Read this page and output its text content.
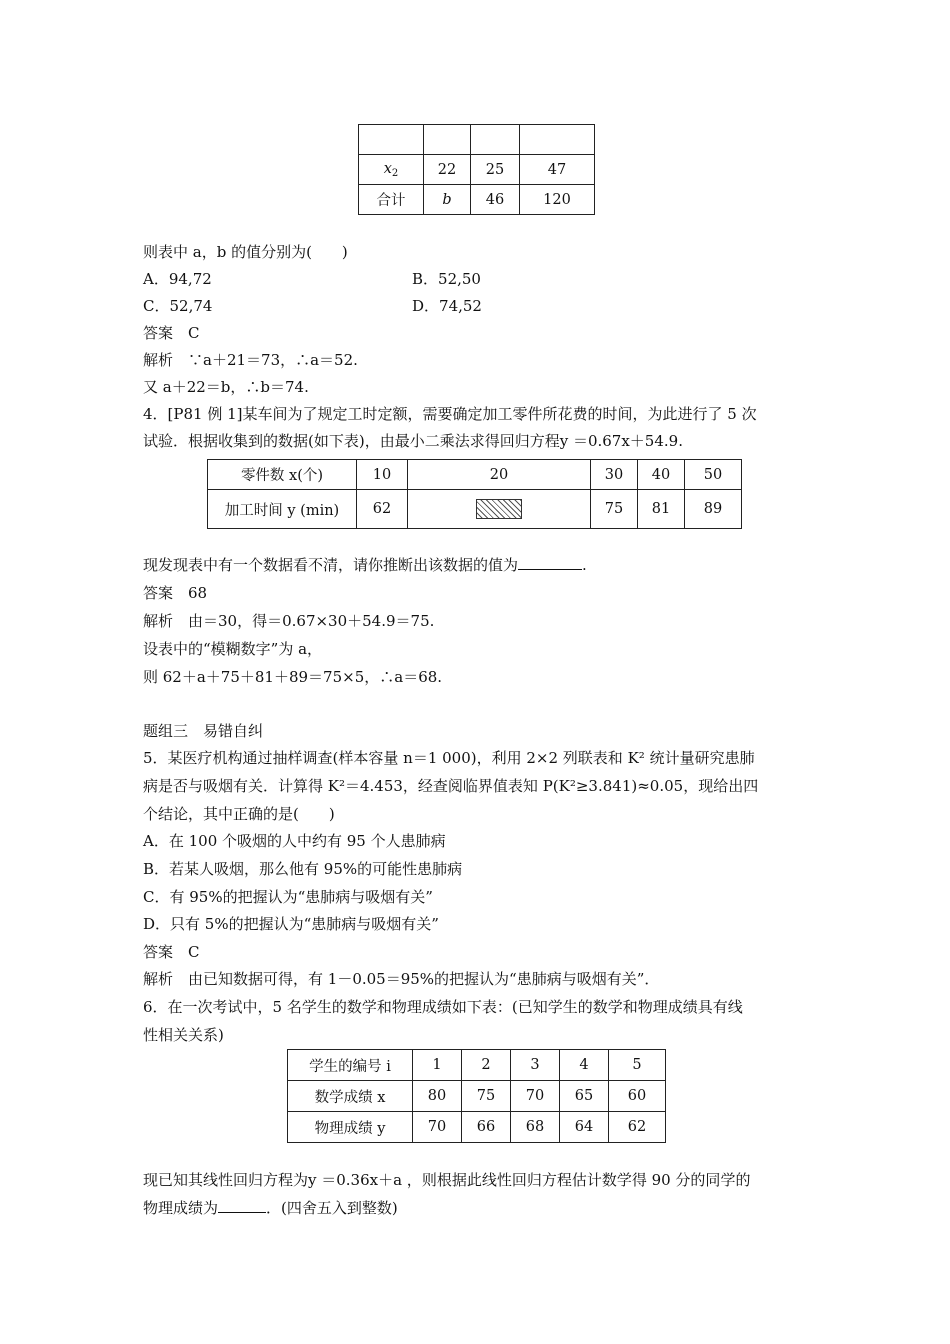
$x_2$	22	25	47
合计	b	46	120
则表中 a，b 的值分别为(　　)
A．94,72	B．52,50
C．52,74	D．74,52
答案　C
解析　∵a＋21＝73，∴a＝52.
又 a＋22＝b，∴b＝74.
4．[P81 例 1]某车间为了规定工时定额，需要确定加工零件所花费的时间，为此进行了 5 次
试验．根据收集到的数据(如下表)，由最小二乘法求得回归方程y ＝0.67x＋54.9.
零件数 x(个)	10	20	30	40	50
加工时间 y (min)	62		75	81	89
现发现表中有一个数据看不清，请你推断出该数据的值为	.
答案　68
解析　由＝30，得＝0.67×30＋54.9＝75.
设表中的“模糊数字”为 a，
则 62＋a＋75＋81＋89＝75×5，∴a＝68.
题组三　易错自纠
5．某医疗机构通过抽样调查(样本容量 n＝1 000)，利用 2×2 列联表和 K² 统计量研究患肺
病是否与吸烟有关．计算得 K²＝4.453，经查阅临界值表知 P(K²≥3.841)≈0.05，现给出四
个结论，其中正确的是(　　)
A．在 100 个吸烟的人中约有 95 个人患肺病
B．若某人吸烟，那么他有 95%的可能性患肺病
C．有 95%的把握认为“患肺病与吸烟有关”
D．只有 5%的把握认为“患肺病与吸烟有关”
答案　C
解析　由已知数据可得，有 1－0.05＝95%的把握认为“患肺病与吸烟有关”．
6．在一次考试中，5 名学生的数学和物理成绩如下表：(已知学生的数学和物理成绩具有线
性相关关系)
学生的编号 i	1	2	3	4	5
数学成绩 x	80	75	70	65	60
物理成绩 y	70	66	68	64	62
现已知其线性回归方程为y ＝0.36x＋a ，则根据此线性回归方程估计数学得 90 分的同学的
物理成绩为	．(四舍五入到整数)
